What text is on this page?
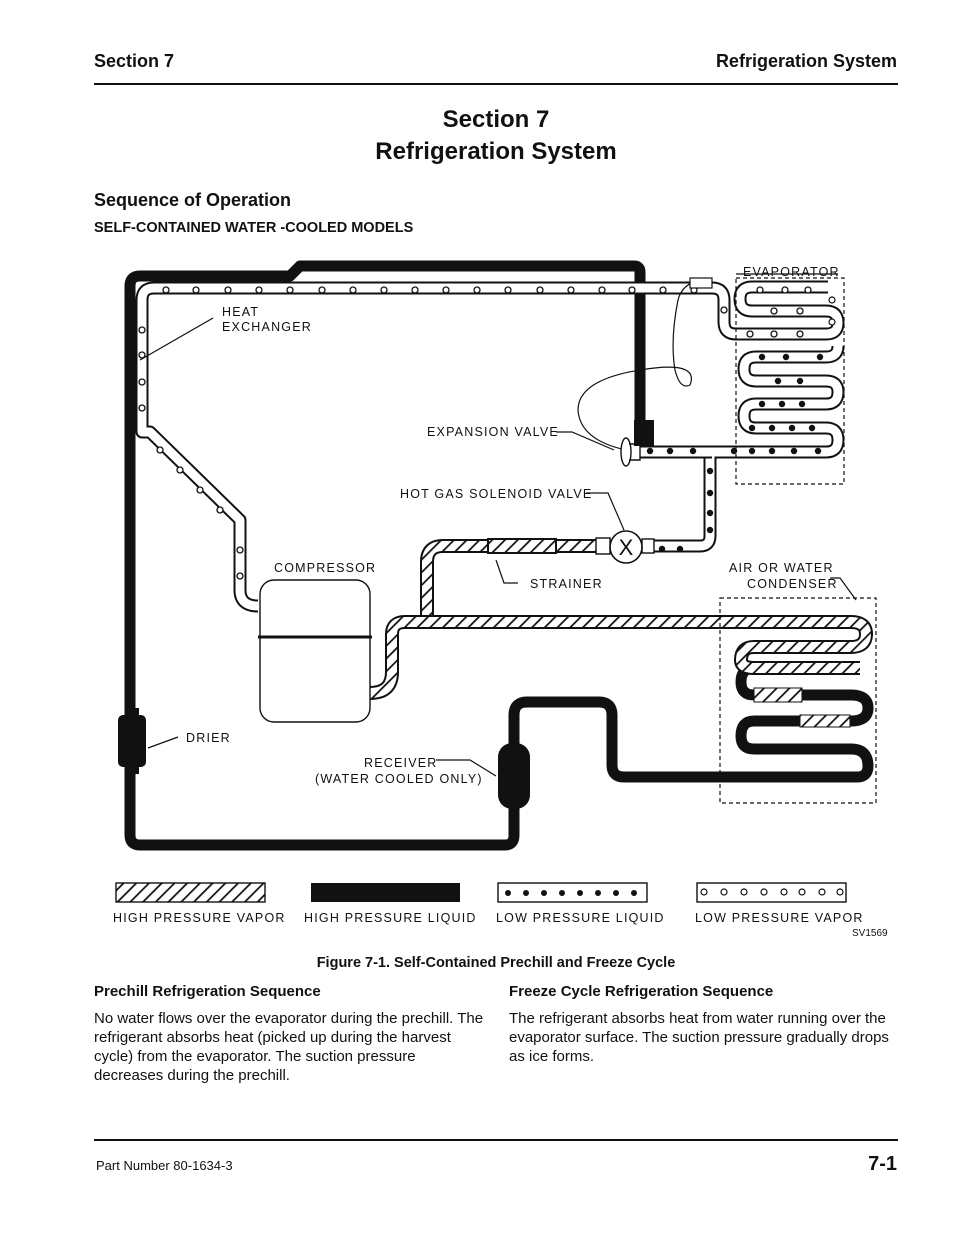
Section 7	Refrigeration System
Section 7
Refrigeration System
Sequence of Operation
SELF-CONTAINED WATER -COOLED MODELS
X
EVAPORATOR
HEAT
EXCHANGER
EXPANSION VALVE
HOT GAS SOLENOID VALVE
COMPRESSOR
STRAINER
AIR OR WATER
CONDENSER
DRIER
RECEIVER
(WATER COOLED ONLY)
HIGH PRESSURE VAPOR HIGH PRESSURE LIQUID LOW PRESSURE LIQUID LOW PRESSURE VAPOR
SV1569
Figure 7-1. Self-Contained Prechill and Freeze Cycle
Prechill Refrigeration Sequence

No water flows over the evaporator during the prechill. The refrigerant absorbs heat (picked up during the harvest cycle) from the evaporator. The suction pressure decreases during the prechill.

Freeze Cycle Refrigeration Sequence

The refrigerant absorbs heat from water running over the evaporator surface. The suction pressure gradually drops as ice forms.

Part Number 80-1634-3	7-1
